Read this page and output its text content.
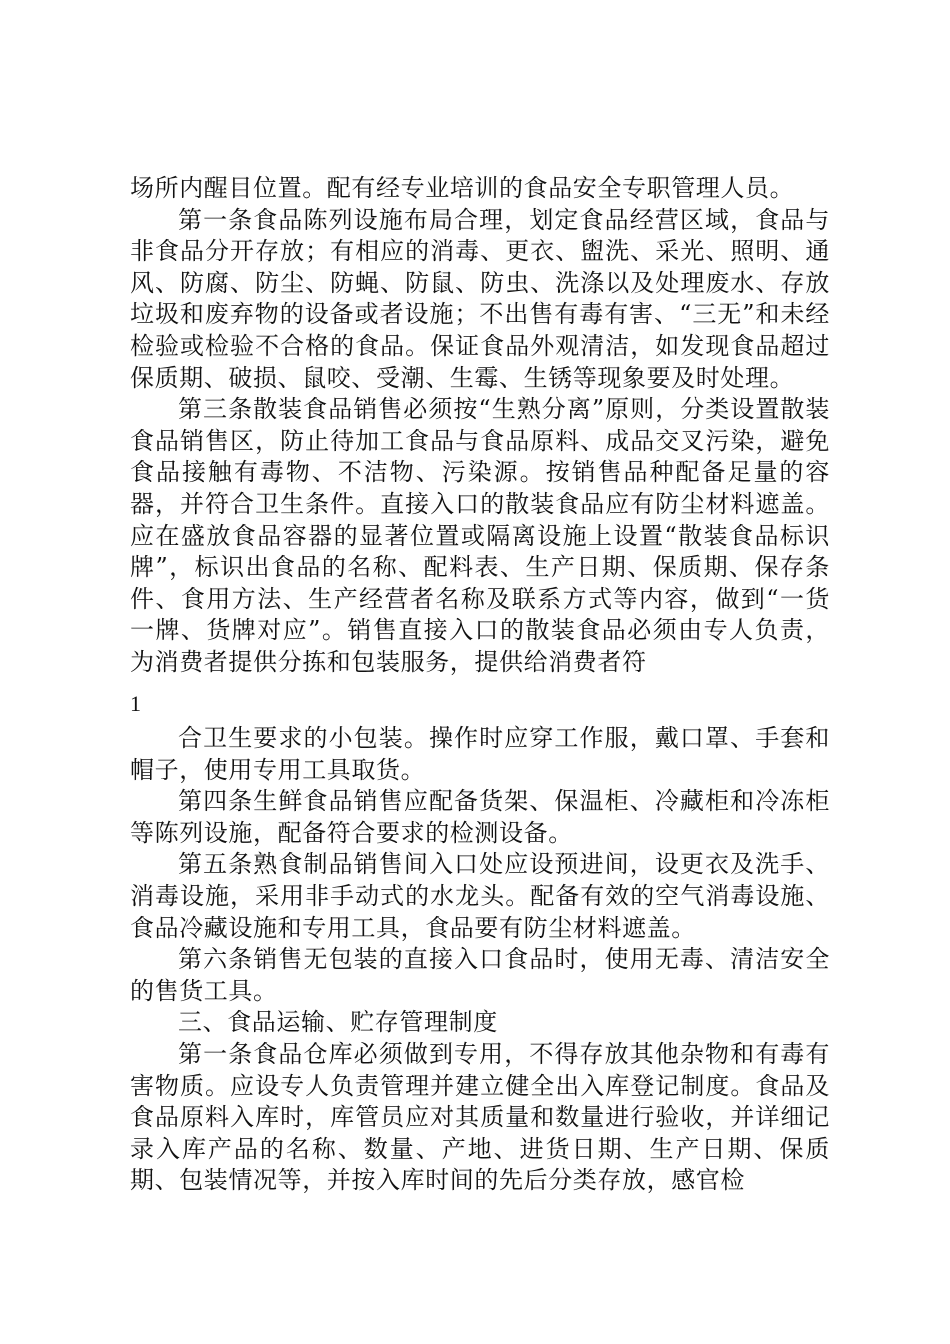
场所内醒目位置。配有经专业培训的食品安全专职管理人员。

第一条食品陈列设施布局合理，划定食品经营区域，食品与非食品分开存放；有相应的消毒、更衣、盥洗、采光、照明、通风、防腐、防尘、防蝇、防鼠、防虫、洗涤以及处理废水、存放垃圾和废弃物的设备或者设施；不出售有毒有害、“三无”和未经检验或检验不合格的食品。保证食品外观清洁，如发现食品超过保质期、破损、鼠咬、受潮、生霉、生锈等现象要及时处理。

第三条散装食品销售必须按“生熟分离”原则，分类设置散装食品销售区，防止待加工食品与食品原料、成品交叉污染，避免食品接触有毒物、不洁物、污染源。按销售品种配备足量的容器，并符合卫生条件。直接入口的散装食品应有防尘材料遮盖。应在盛放食品容器的显著位置或隔离设施上设置“散装食品标识牌”，标识出食品的名称、配料表、生产日期、保质期、保存条件、食用方法、生产经营者名称及联系方式等内容，做到“一货一牌、货牌对应”。销售直接入口的散装食品必须由专人负责，为消费者提供分拣和包装服务，提供给消费者符

1

合卫生要求的小包装。操作时应穿工作服，戴口罩、手套和帽子，使用专用工具取货。

第四条生鲜食品销售应配备货架、保温柜、冷藏柜和冷冻柜等陈列设施，配备符合要求的检测设备。

第五条熟食制品销售间入口处应设预进间，设更衣及洗手、消毒设施，采用非手动式的水龙头。配备有效的空气消毒设施、食品冷藏设施和专用工具，食品要有防尘材料遮盖。

第六条销售无包装的直接入口食品时，使用无毒、清洁安全的售货工具。

三、食品运输、贮存管理制度

第一条食品仓库必须做到专用，不得存放其他杂物和有毒有害物质。应设专人负责管理并建立健全出入库登记制度。食品及食品原料入库时，库管员应对其质量和数量进行验收，并详细记录入库产品的名称、数量、产地、进货日期、生产日期、保质期、包装情况等，并按入库时间的先后分类存放，感官检
